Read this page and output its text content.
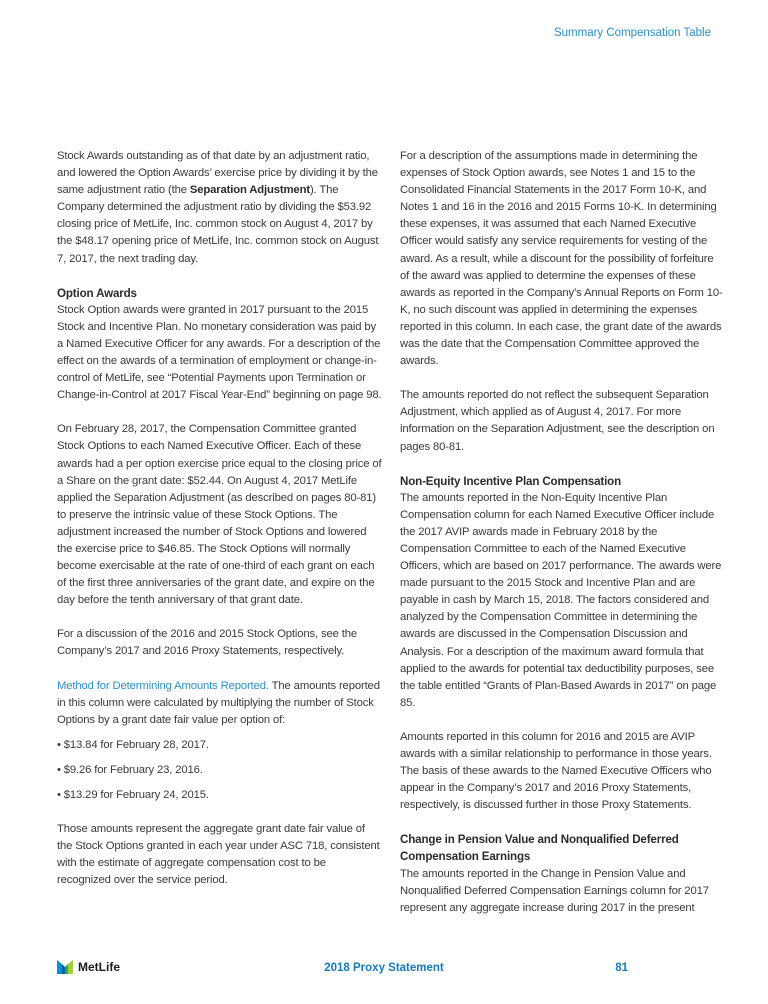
Summary Compensation Table

Stock Awards outstanding as of that date by an adjustment ratio, and lowered the Option Awards’ exercise price by dividing it by the same adjustment ratio (the Separation Adjustment). The Company determined the adjustment ratio by dividing the $53.92 closing price of MetLife, Inc. common stock on August 4, 2017 by the $48.17 opening price of MetLife, Inc. common stock on August 7, 2017, the next trading day.

Option Awards

Stock Option awards were granted in 2017 pursuant to the 2015 Stock and Incentive Plan. No monetary consideration was paid by a Named Executive Officer for any awards. For a description of the effect on the awards of a termination of employment or change-in-control of MetLife, see “Potential Payments upon Termination or Change-in-Control at 2017 Fiscal Year-End” beginning on page 98.

On February 28, 2017, the Compensation Committee granted Stock Options to each Named Executive Officer. Each of these awards had a per option exercise price equal to the closing price of a Share on the grant date: $52.44. On August 4, 2017 MetLife applied the Separation Adjustment (as described on pages 80-81) to preserve the intrinsic value of these Stock Options. The adjustment increased the number of Stock Options and lowered the exercise price to $46.85. The Stock Options will normally become exercisable at the rate of one-third of each grant on each of the first three anniversaries of the grant date, and expire on the day before the tenth anniversary of that grant date.

For a discussion of the 2016 and 2015 Stock Options, see the Company’s 2017 and 2016 Proxy Statements, respectively.

Method for Determining Amounts Reported. The amounts reported in this column were calculated by multiplying the number of Stock Options by a grant date fair value per option of:

• $13.84 for February 28, 2017.

• $9.26 for February 23, 2016.

• $13.29 for February 24, 2015.

Those amounts represent the aggregate grant date fair value of the Stock Options granted in each year under ASC 718, consistent with the estimate of aggregate compensation cost to be recognized over the service period.

For a description of the assumptions made in determining the expenses of Stock Option awards, see Notes 1 and 15 to the Consolidated Financial Statements in the 2017 Form 10-K, and Notes 1 and 16 in the 2016 and 2015 Forms 10-K. In determining these expenses, it was assumed that each Named Executive Officer would satisfy any service requirements for vesting of the award. As a result, while a discount for the possibility of forfeiture of the award was applied to determine the expenses of these awards as reported in the Company’s Annual Reports on Form 10-K, no such discount was applied in determining the expenses reported in this column. In each case, the grant date of the awards was the date that the Compensation Committee approved the awards.

The amounts reported do not reflect the subsequent Separation Adjustment, which applied as of August 4, 2017. For more information on the Separation Adjustment, see the description on pages 80-81.

Non-Equity Incentive Plan Compensation

The amounts reported in the Non-Equity Incentive Plan Compensation column for each Named Executive Officer include the 2017 AVIP awards made in February 2018 by the Compensation Committee to each of the Named Executive Officers, which are based on 2017 performance. The awards were made pursuant to the 2015 Stock and Incentive Plan and are payable in cash by March 15, 2018. The factors considered and analyzed by the Compensation Committee in determining the awards are discussed in the Compensation Discussion and Analysis. For a description of the maximum award formula that applied to the awards for potential tax deductibility purposes, see the table entitled “Grants of Plan-Based Awards in 2017” on page 85.

Amounts reported in this column for 2016 and 2015 are AVIP awards with a similar relationship to performance in those years. The basis of these awards to the Named Executive Officers who appear in the Company’s 2017 and 2016 Proxy Statements, respectively, is discussed further in those Proxy Statements.

Change in Pension Value and Nonqualified Deferred Compensation Earnings

The amounts reported in the Change in Pension Value and Nonqualified Deferred Compensation Earnings column for 2017 represent any aggregate increase during 2017 in the present

MetLife	2018 Proxy Statement	81
